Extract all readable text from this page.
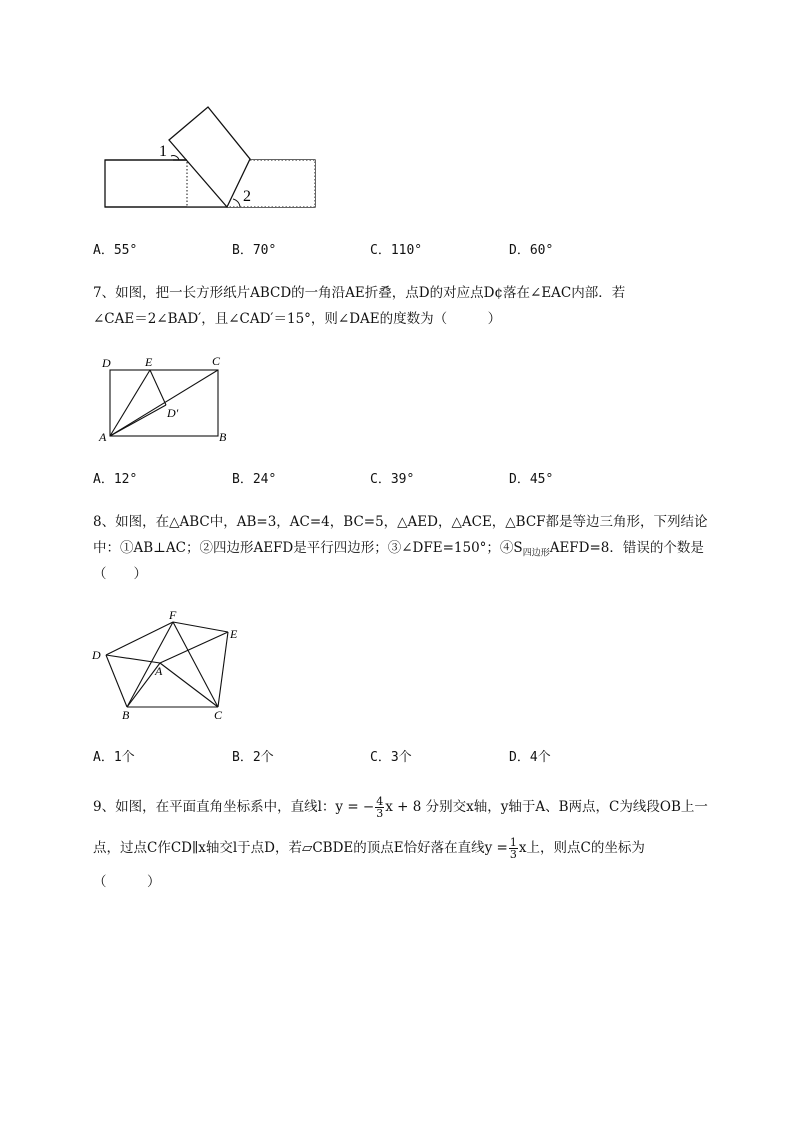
1
2
A．55°	B．70°	C．110°	D．60°
7、如图，把一长方形纸片ABCD的一角沿AE折叠，点D的对应点D¢落在∠EAC内部．若
∠CAE＝2∠BAD′，且∠CAD′＝15°，则∠DAE的度数为（　　　）
D	E	C
D′
A	B
A．12°	B．24°	C．39°	D．45°
8、如图，在△ABC中，AB=3，AC=4，BC=5，△AED，△ACE，△BCF都是等边三角形，下列结论
中：①AB⊥AC；②四边形AEFD是平行四边形；③∠DFE=150°；$④S_{四边形}AEFD=8$．错误的个数是
（　　）
F
E
D
A
B	C
A．1个	B．2个	C．3个	D．4个
9、如图，在平面直角坐标系中，直线l：y = − $\frac{4}{3}$ x + 8 分别交x轴，y轴于A、B两点，C为线段OB上一
点，过点C作CD∥x轴交l于点D，若▱CBDE的顶点E恰好落在直线$y = \frac{1}{3}$ x上，则点C的坐标为
（　　　）
